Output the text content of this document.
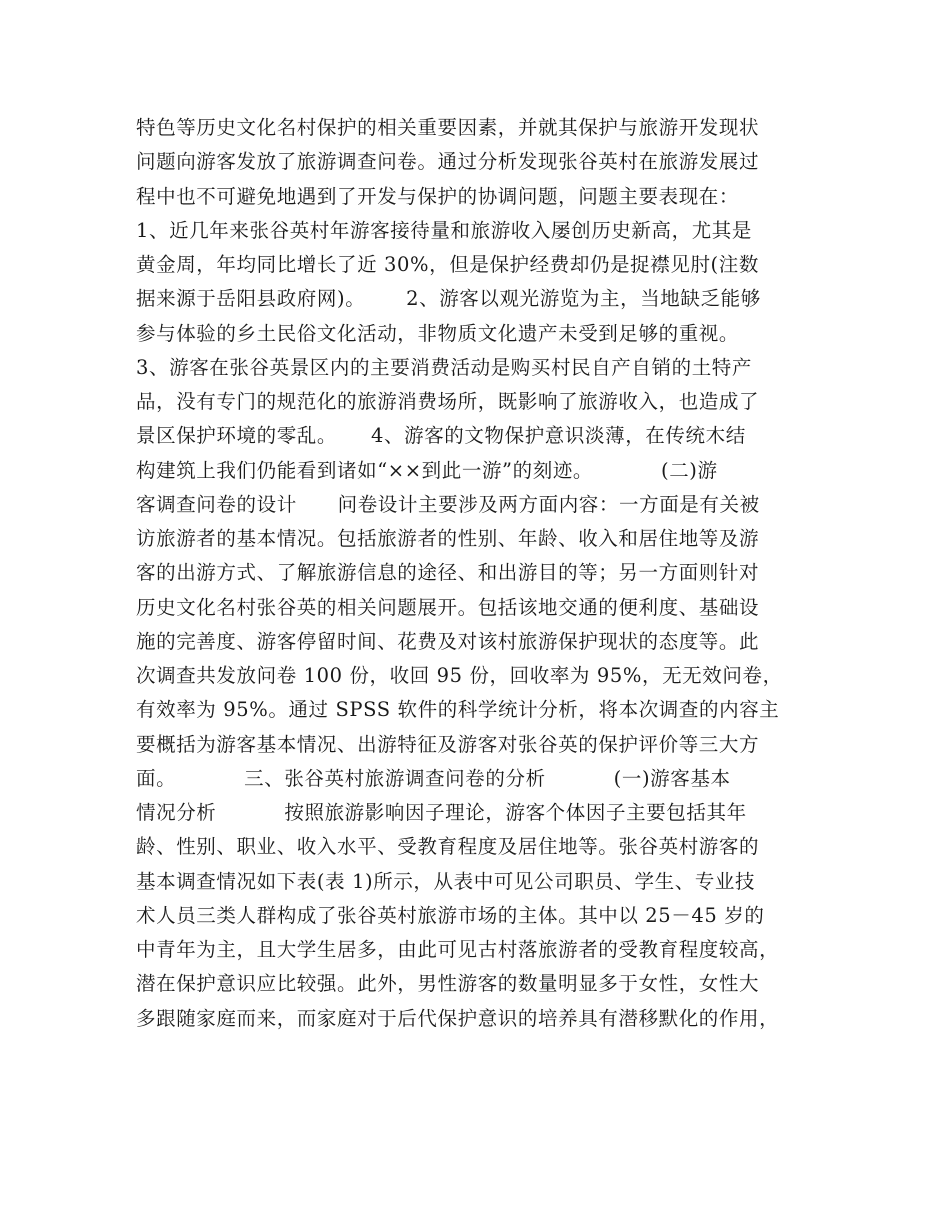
特色等历史文化名村保护的相关重要因素，并就其保护与旅游开发现状
问题向游客发放了旅游调查问卷。通过分析发现张谷英村在旅游发展过
程中也不可避免地遇到了开发与保护的协调问题，问题主要表现在：
1、近几年来张谷英村年游客接待量和旅游收入屡创历史新高，尤其是
黄金周，年均同比增长了近 30%，但是保护经费却仍是捉襟见肘(注数
据来源于岳阳县政府网)。      2、游客以观光游览为主，当地缺乏能够
参与体验的乡土民俗文化活动，非物质文化遗产未受到足够的重视。
3、游客在张谷英景区内的主要消费活动是购买村民自产自销的土特产
品，没有专门的规范化的旅游消费场所，既影响了旅游收入，也造成了
景区保护环境的零乱。     4、游客的文物保护意识淡薄，在传统木结
构建筑上我们仍能看到诸如“××到此一游”的刻迹。          (二)游
客调查问卷的设计      问卷设计主要涉及两方面内容：一方面是有关被
访旅游者的基本情况。包括旅游者的性别、年龄、收入和居住地等及游
客的出游方式、了解旅游信息的途径、和出游目的等；另一方面则针对
历史文化名村张谷英的相关问题展开。包括该地交通的便利度、基础设
施的完善度、游客停留时间、花费及对该村旅游保护现状的态度等。此
次调查共发放问卷 100 份，收回 95 份，回收率为 95%，无无效问卷，
有效率为 95%。通过 SPSS 软件的科学统计分析，将本次调查的内容主
要概括为游客基本情况、出游特征及游客对张谷英的保护评价等三大方
面。          三、张谷英村旅游调查问卷的分析          (一)游客基本
情况分析          按照旅游影响因子理论，游客个体因子主要包括其年
龄、性别、职业、收入水平、受教育程度及居住地等。张谷英村游客的
基本调查情况如下表(表 1)所示，从表中可见公司职员、学生、专业技
术人员三类人群构成了张谷英村旅游市场的主体。其中以 25－45 岁的
中青年为主，且大学生居多，由此可见古村落旅游者的受教育程度较高，
潜在保护意识应比较强。此外，男性游客的数量明显多于女性，女性大
多跟随家庭而来，而家庭对于后代保护意识的培养具有潜移默化的作用，
